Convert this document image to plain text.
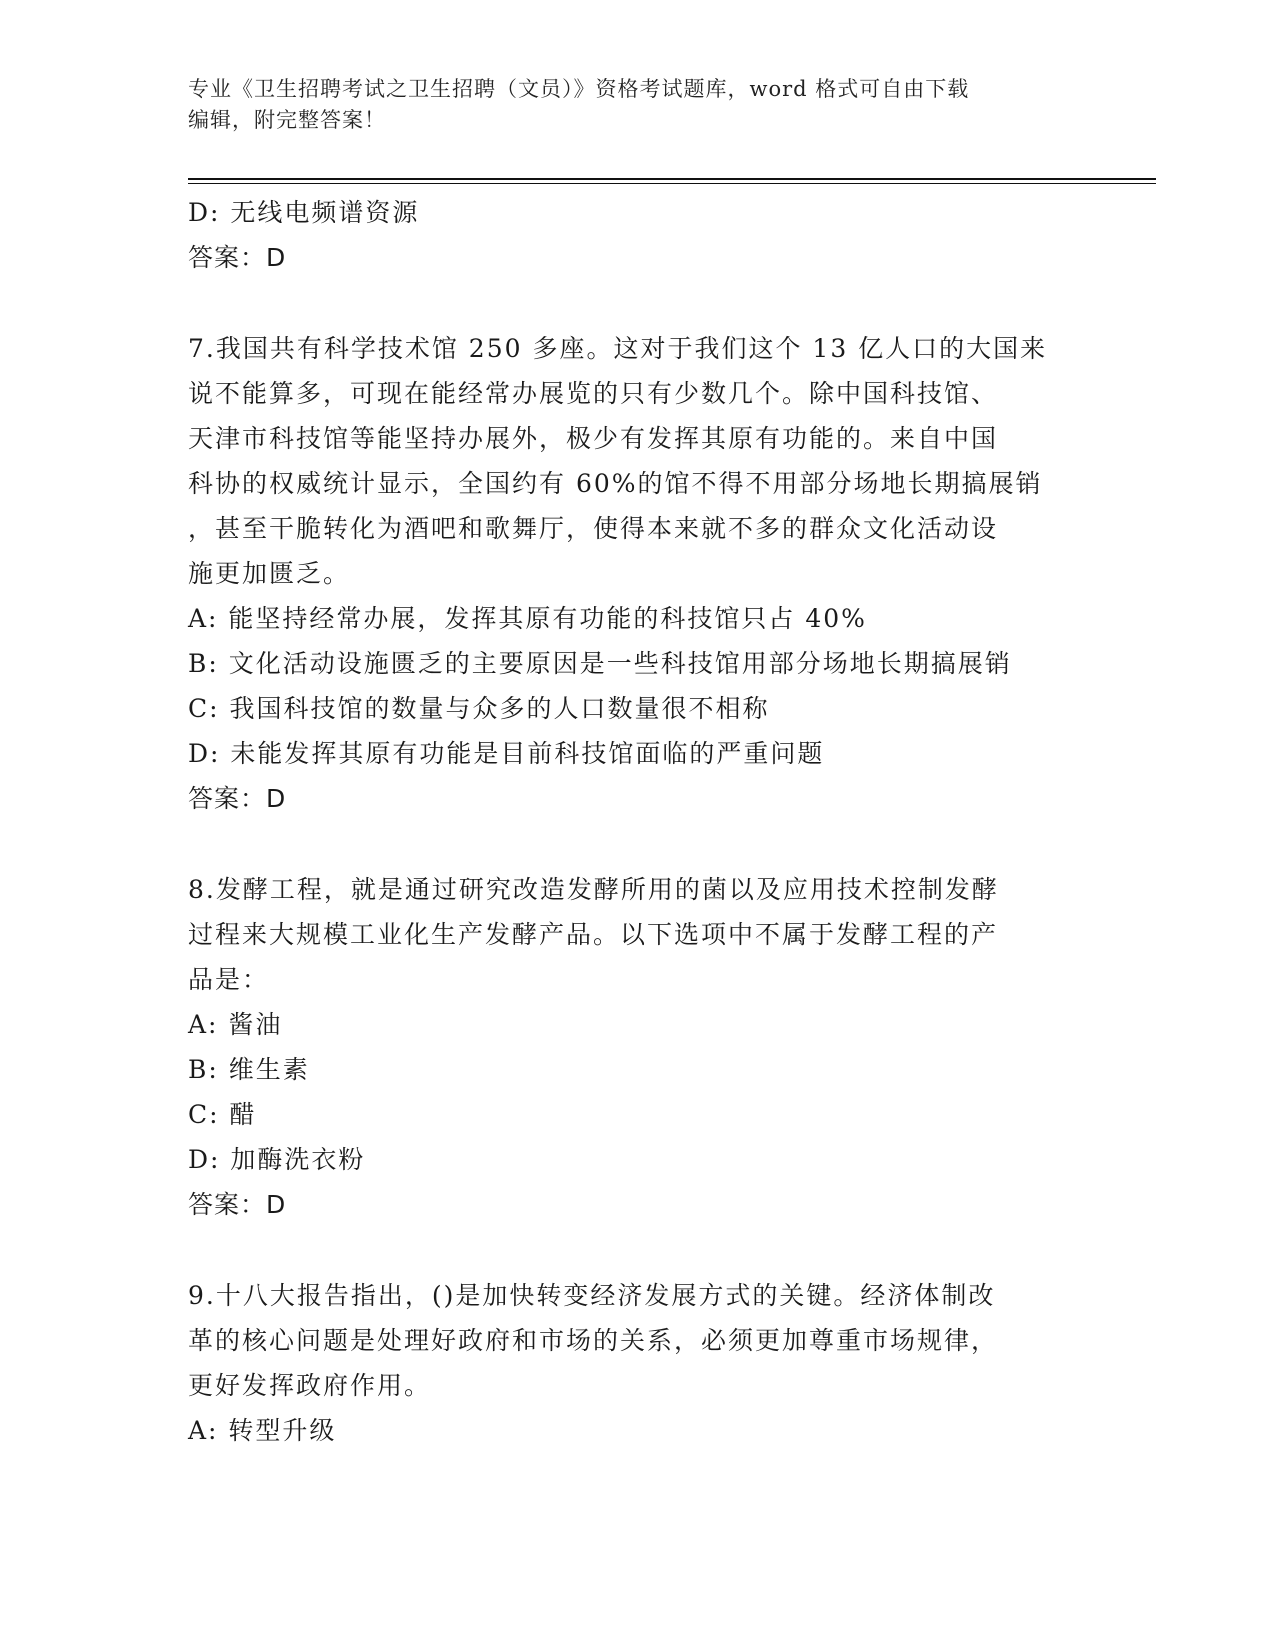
专业《卫生招聘考试之卫生招聘（文员）》资格考试题库，word 格式可自由下载
编辑，附完整答案！
D: 无线电频谱资源
答案：D
7.我国共有科学技术馆 250 多座。这对于我们这个 13 亿人口的大国来
说不能算多，可现在能经常办展览的只有少数几个。除中国科技馆、
天津市科技馆等能坚持办展外，极少有发挥其原有功能的。来自中国
科协的权威统计显示，全国约有 60%的馆不得不用部分场地长期搞展销
，甚至干脆转化为酒吧和歌舞厅，使得本来就不多的群众文化活动设
施更加匮乏。
A: 能坚持经常办展，发挥其原有功能的科技馆只占 40%
B: 文化活动设施匮乏的主要原因是一些科技馆用部分场地长期搞展销
C: 我国科技馆的数量与众多的人口数量很不相称
D: 未能发挥其原有功能是目前科技馆面临的严重问题
答案：D
8.发酵工程，就是通过研究改造发酵所用的菌以及应用技术控制发酵
过程来大规模工业化生产发酵产品。以下选项中不属于发酵工程的产
品是：
A: 酱油
B: 维生素
C: 醋
D: 加酶洗衣粉
答案：D
9.十八大报告指出，()是加快转变经济发展方式的关键。经济体制改
革的核心问题是处理好政府和市场的关系，必须更加尊重市场规律，
更好发挥政府作用。
A: 转型升级
